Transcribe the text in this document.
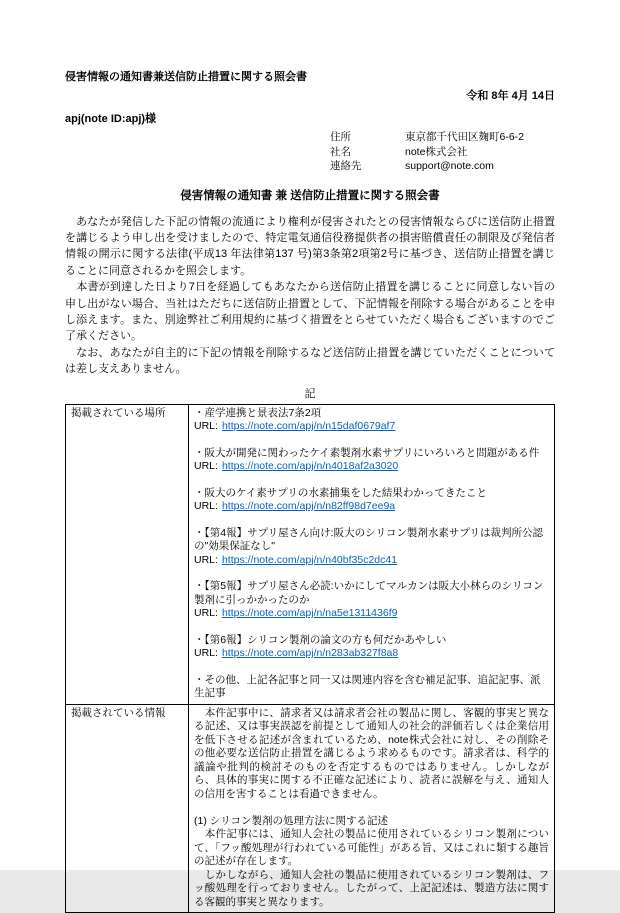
侵害情報の通知書兼送信防止措置に関する照会書
令和 8年 4月 14日
apj(note ID:apj)様
住所	東京都千代田区麹町6-6-2
社名	note株式会社
連絡先	support@note.com
侵害情報の通知書 兼 送信防止措置に関する照会書

　あなたが発信した下記の情報の流通により権利が侵害されたとの侵害情報ならびに送信防止措置を講じるよう申し出を受けましたので、特定電気通信役務提供者の損害賠償責任の制限及び発信者情報の開示に関する法律(平成13 年法律第137 号)第3条第2項第2号に基づき、送信防止措置を講じることに同意されるかを照会します。

　本書が到達した日より7日を経過してもあなたから送信防止措置を講じることに同意しない旨の申し出がない場合、当社はただちに送信防止措置として、下記情報を削除する場合があることを申し添えます。また、別途弊社ご利用規約に基づく措置をとらせていただく場合もございますのでご了承ください。

　なお、あなたが自主的に下記の情報を削除するなど送信防止措置を講じていただくことについては差し支えありません。

記
掲載されている場所	・産学連携と景表法7条2項
URL: https://note.com/apj/n/n15daf0679af7
・阪大が開発に関わったケイ素製剤水素サプリにいろいろと問題がある件
URL: https://note.com/apj/n/n4018af2a3020
・阪大のケイ素サプリの水素捕集をした結果わかってきたこと
URL: https://note.com/apj/n/n82ff98d7ee9a
・【第4報】サプリ屋さん向け:阪大のシリコン製剤水素サプリは裁判所公認の"効果保証なし"
URL: https://note.com/apj/n/n40bf35c2dc41
・【第5報】サプリ屋さん必読:いかにしてマルカンは阪大小林らのシリコン製剤に引っかかったのか
URL: https://note.com/apj/n/na5e1311436f9
・【第6報】シリコン製剤の論文の方も何だかあやしい
URL: https://note.com/apj/n/n283ab327f8a8
・その他、上記各記事と同一又は関連内容を含む補足記事、追記記事、派生記事

掲載されている情報	　本件記事中に、請求者又は請求者会社の製品に関し、客観的事実と異なる記述、又は事実誤認を前提として通知人の社会的評価若しくは企業信用を低下させる記述が含まれているため、note株式会社に対し、その削除その他必要な送信防止措置を講じるよう求めるものです。請求者は、科学的議論や批判的検討そのものを否定するものではありません。しかしながら、具体的事実に関する不正確な記述により、読者に誤解を与え、通知人の信用を害することは看過できません。

(1) シリコン製剤の処理方法に関する記述

　本件記事には、通知人会社の製品に使用されているシリコン製剤について、「フッ酸処理が行われている可能性」がある旨、又はこれに類する趣旨の記述が存在します。

　しかしながら、通知人会社の製品に使用されているシリコン製剤は、フッ酸処理を行っておりません。したがって、上記記述は、製造方法に関する客観的事実と異なります。
